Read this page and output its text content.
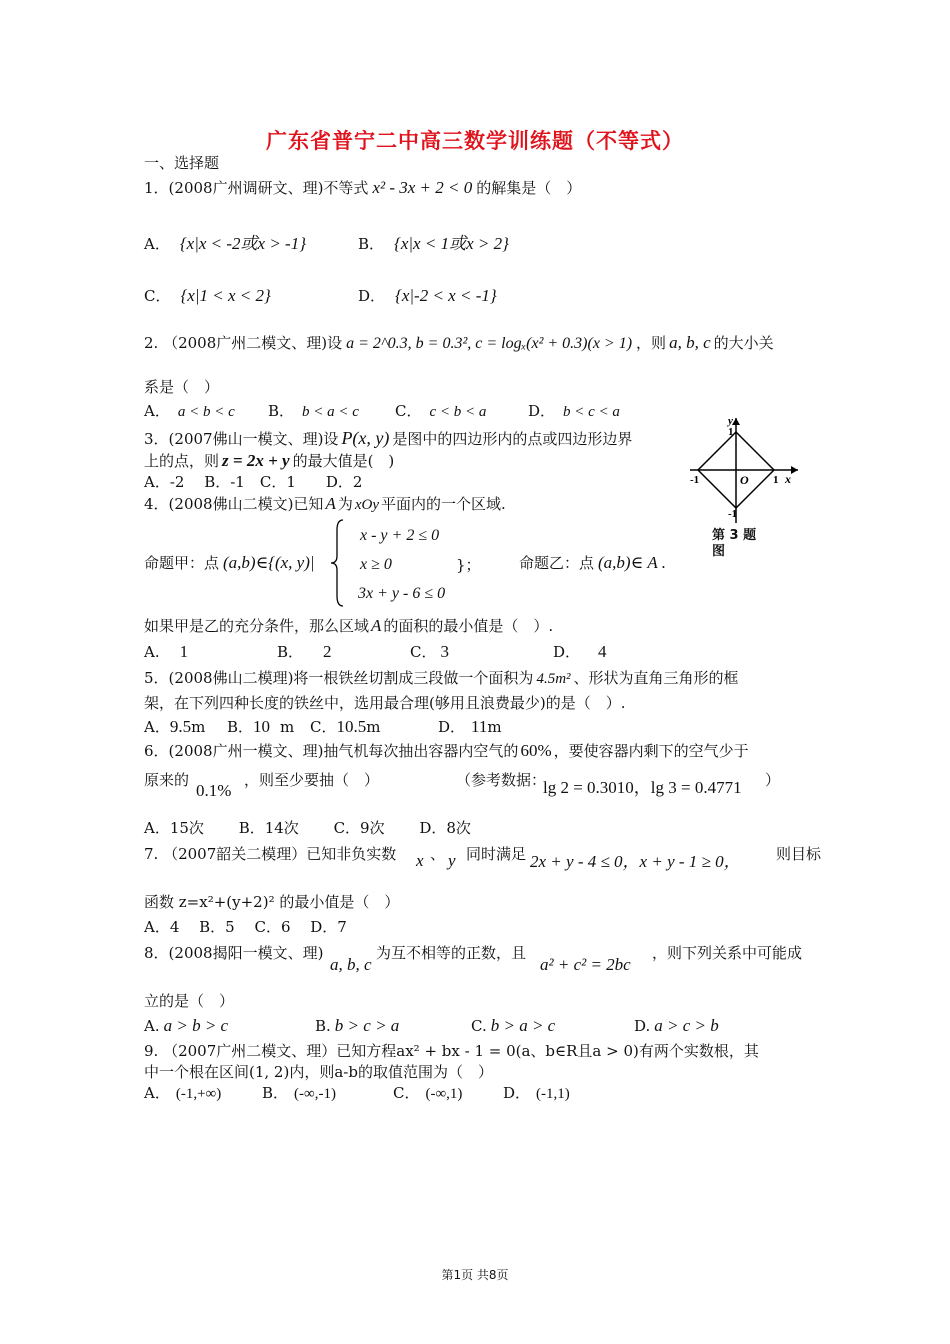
广东省普宁二中高三数学训练题（不等式）
一、选择题
1．(2008广州调研文、理)不等式 x² - 3x + 2 < 0 的解集是（　）
A． {x|x < -2或x > -1}	B． {x|x < 1或x > 2}
C． {x|1 < x < 2}	D． {x|-2 < x < -1}
2. （2008广州二模文、理)设 a = 2^0.3, b = 0.3², c = logₓ(x² + 0.3)(x > 1) ，则 a, b, c 的大小关
系是（　）
A． a < b < c B． b < a < c C． c < b < a	D． b < c < a
3．(2007佛山一模文、理)设 P(x, y) 是图中的四边形内的点或四边形边界
上的点，则 z = 2x + y 的最大值是(　)
A．-2　 B．-1　C．1　　D．2
y
1
1 x
O
-1
-1
第 3 题
图
4．(2008佛山二模文)已知 A 为 xOy 平面内的一个区域.
命题甲：点 (a,b)∈{(x, y)|
x - y + 2 ≤ 0
x ≥ 0
3x + y - 6 ≤ 0
}；	命题乙：点 (a,b)∈ A .
如果甲是乙的充分条件，那么区域 A 的面积的最小值是（　）.
A. 1	B． 2	C． 3	D． 4
5．(2008佛山二模理)将一根铁丝切割成三段做一个面积为 4.5m² 、形状为直角三角形的框
架，在下列四种长度的铁丝中，选用最合理(够用且浪费最少)的是（　）.
A．9.5m B．10 m C．10.5m	D． 11m
6．(2008广州一模文、理)抽气机每次抽出容器内空气的 60% ，要使容器内剩下的空气少于
原来的
0.1%
，则至少要抽（　）	（参考数据：
lg 2 = 0.3010，lg 3 = 0.4771 ）
A．15次　　 B．14次　　 C．9次　　 D．8次
7. （2007韶关二模理）已知非负实数 x 、 y 同时满足 2x + y - 4 ≤ 0，x + y - 1 ≥ 0， 则目标
函数 z=x²+(y+2)² 的最小值是（　）
A．4　 B．5　 C．6　 D．7
8．(2008揭阳一模文、理)
a, b, c
为互不相等的正数，且
a² + c² = 2bc
，则下列关系中可能成
立的是（　）
A. a > b > c	B. b > c > a	C. b > a > c	D. a > c > b
9. （2007广州二模文、理）已知方程ax² + bx - 1 = 0(a、b∈R且a > 0)有两个实数根，其
中一个根在区间(1, 2)内，则a-b的取值范围为（　）
A． (-1,+∞)	B． (-∞,-1)	C． (-∞,1)	D． (-1,1)
第1页 共8页
